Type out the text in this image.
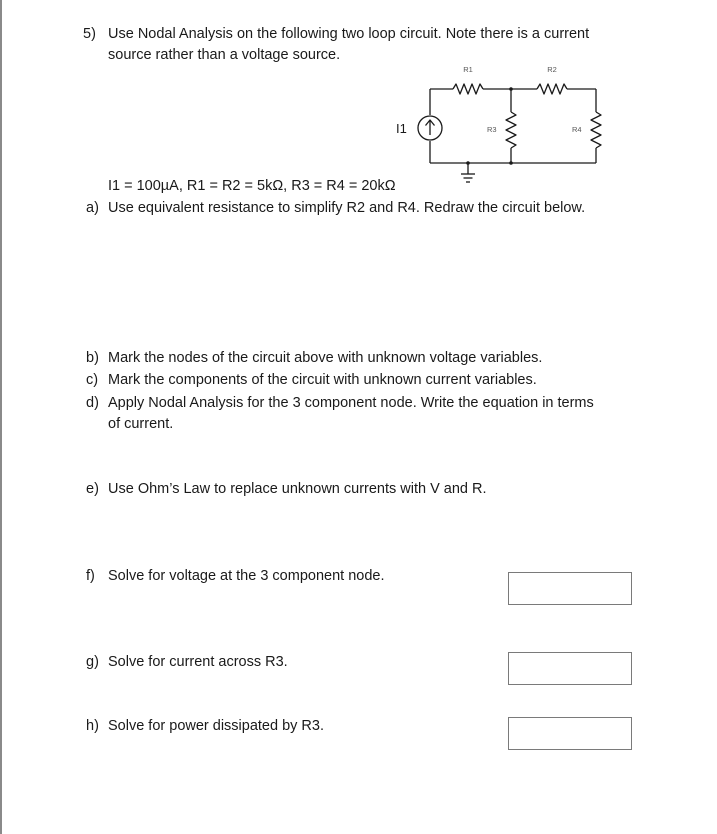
5) Use Nodal Analysis on the following two loop circuit. Note there is a current
source rather than a voltage source.
I1
R1	R2
R3	R4
I1 = 100µA, R1 = R2 = 5kΩ, R3 = R4 = 20kΩ
a) Use equivalent resistance to simplify R2 and R4. Redraw the circuit below.
b) Mark the nodes of the circuit above with unknown voltage variables.
c) Mark the components of the circuit with unknown current variables.
d) Apply Nodal Analysis for the 3 component node. Write the equation in terms
of current.
e) Use Ohm’s Law to replace unknown currents with V and R.
f) Solve for voltage at the 3 component node.
g) Solve for current across R3.
h) Solve for power dissipated by R3.
